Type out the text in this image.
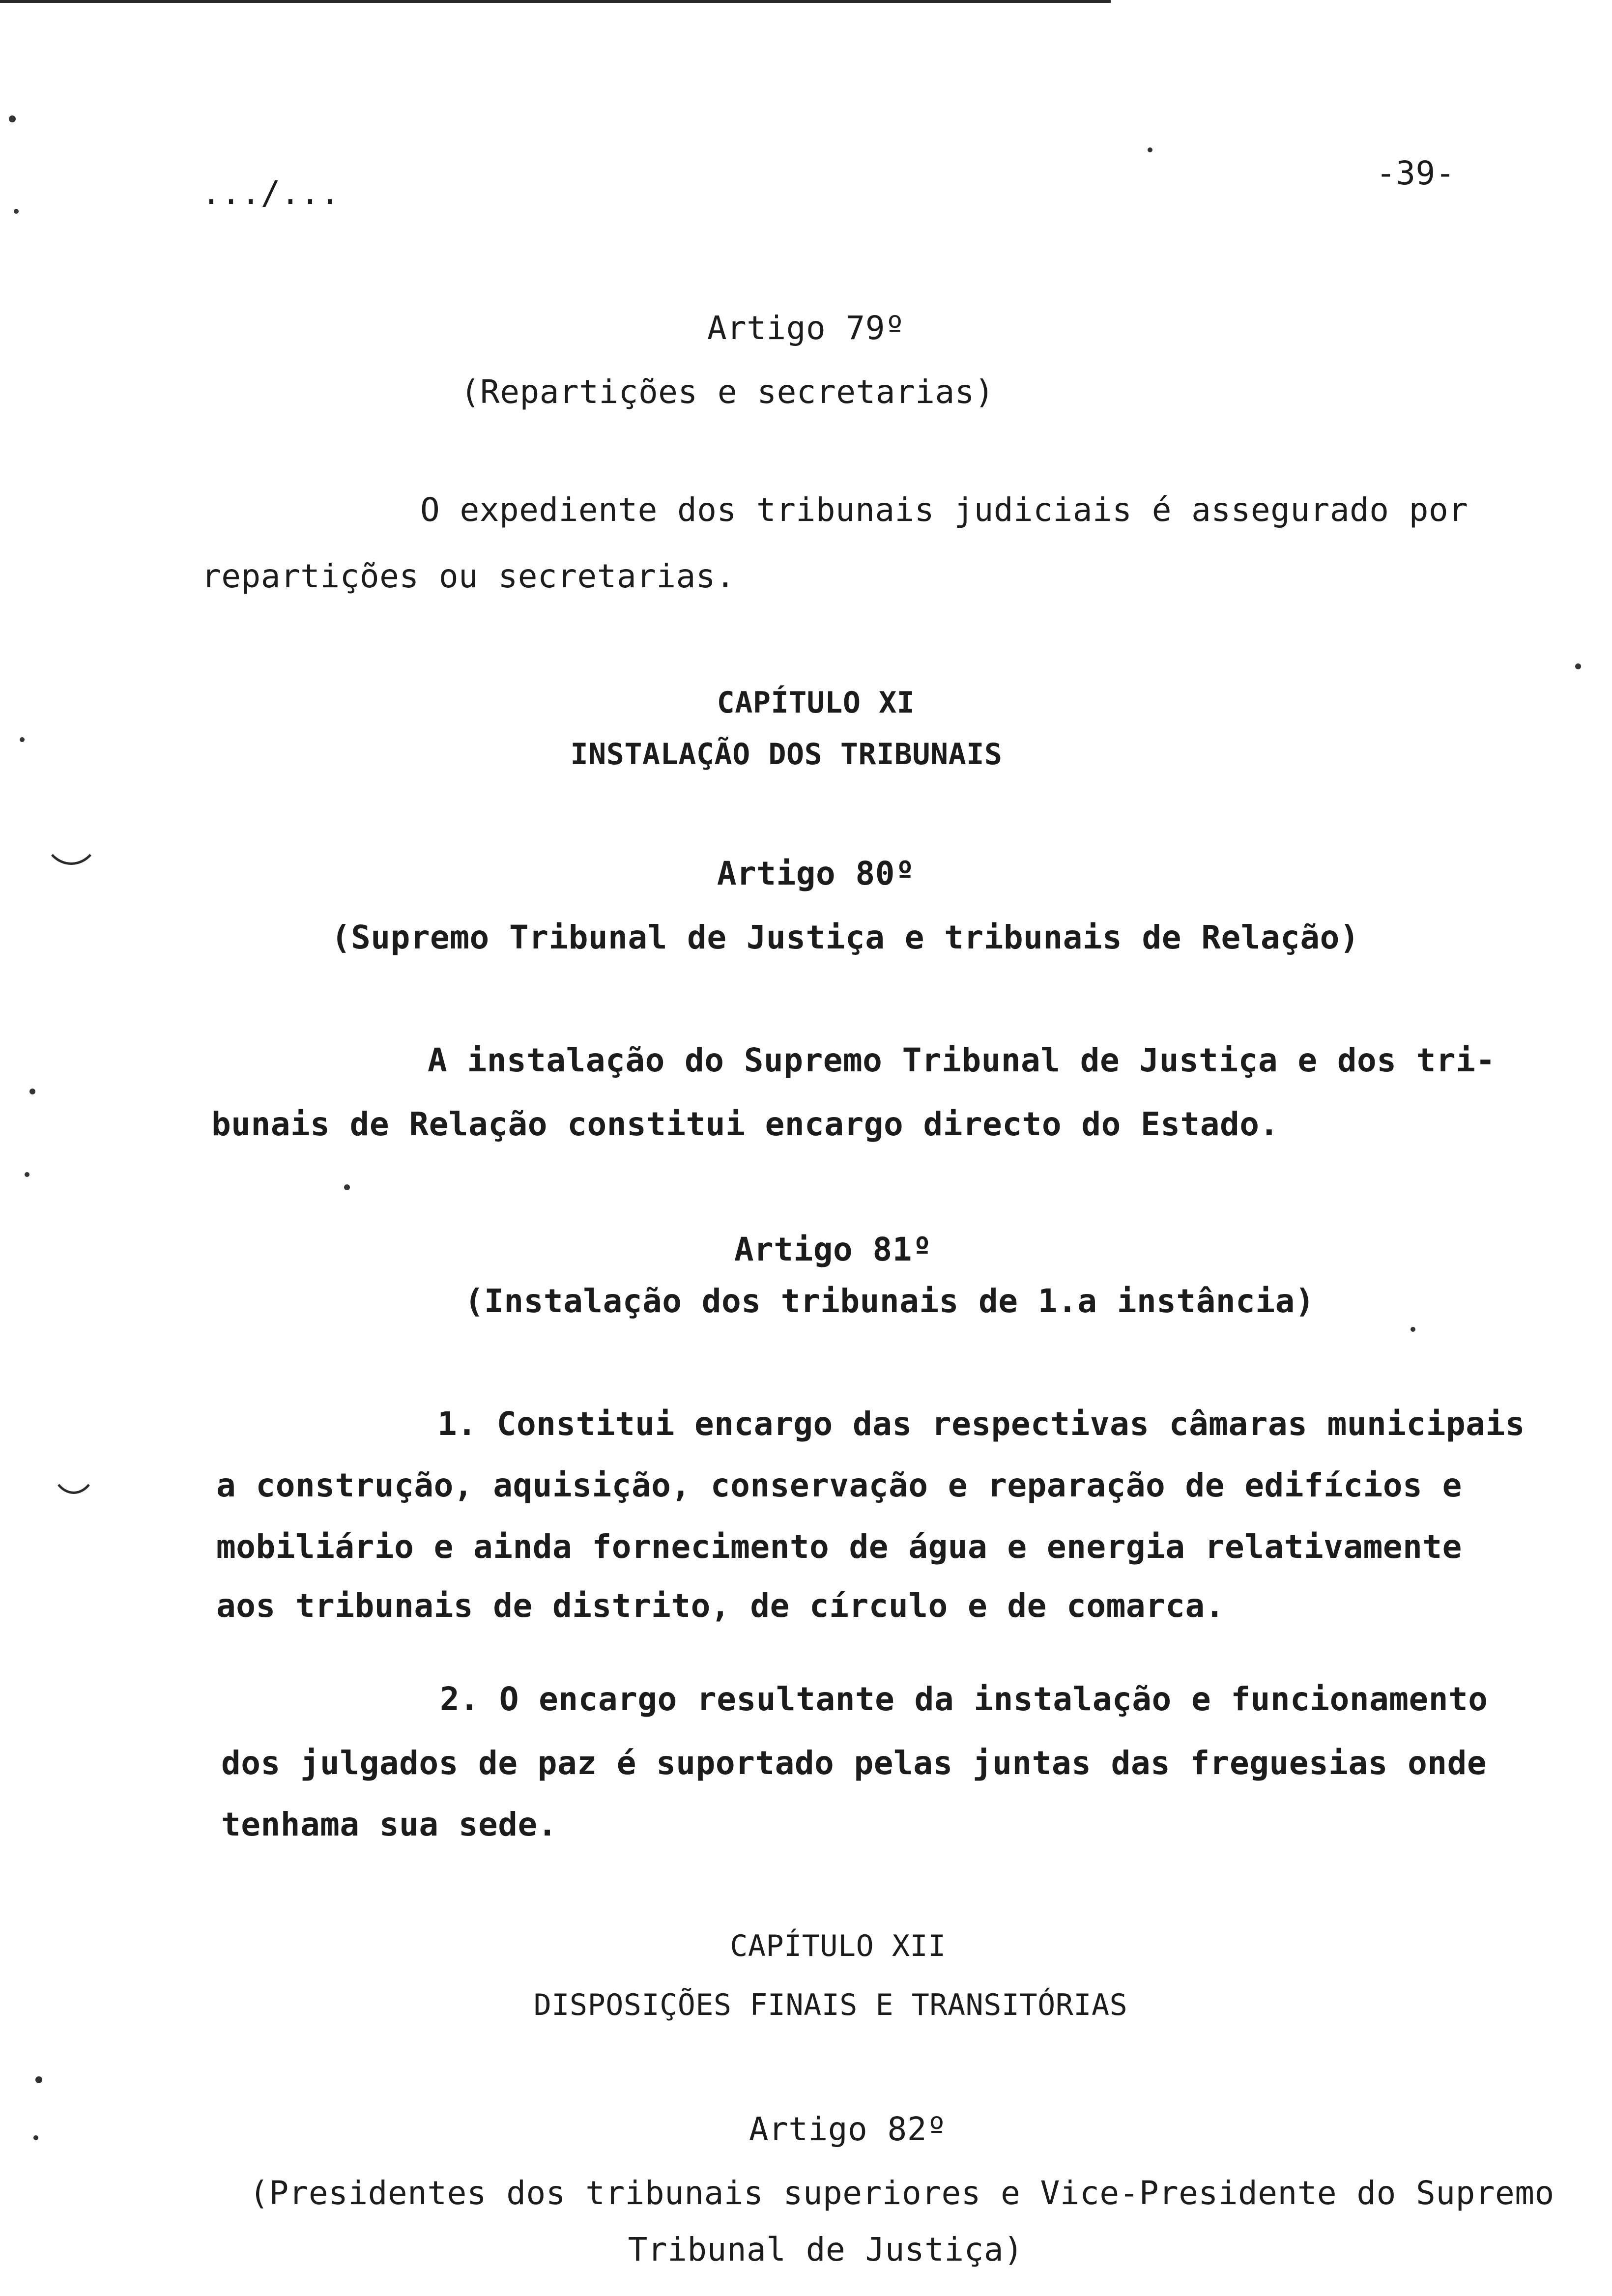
.../...
-39-
Artigo 79º
(Repartições e secretarias)
O expediente dos tribunais judiciais é assegurado por
repartições ou secretarias.
CAPÍTULO XI
INSTALAÇÃO DOS TRIBUNAIS
Artigo 80º
(Supremo Tribunal de Justiça e tribunais de Relação)
A instalação do Supremo Tribunal de Justiça e dos tri-
bunais de Relação constitui encargo directo do Estado.
Artigo 81º
(Instalação dos tribunais de 1.a instância)
1. Constitui encargo das respectivas câmaras municipais
a construção, aquisição, conservação e reparação de edifícios e
mobiliário e ainda fornecimento de água e energia relativamente
aos tribunais de distrito, de círculo e de comarca.
2. O encargo resultante da instalação e funcionamento
dos julgados de paz é suportado pelas juntas das freguesias onde
tenhama sua sede.
CAPÍTULO XII
DISPOSIÇÕES FINAIS E TRANSITÓRIAS
Artigo 82º
(Presidentes dos tribunais superiores e Vice-Presidente do Supremo
Tribunal de Justiça)
